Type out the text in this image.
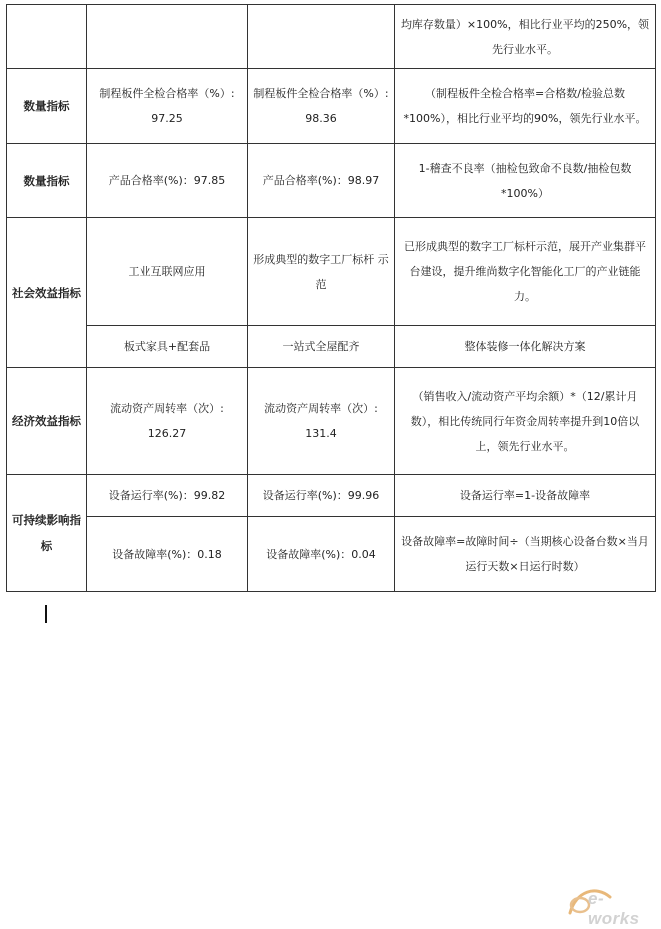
			均库存数量）×100%，相比行业平均的250%，领先行业水平。
数量指标	制程板件全检合格率（%）: 97.25	制程板件全检合格率（%）: 98.36	（制程板件全检合格率=合格数/检验总数*100%），相比行业平均的90%，领先行业水平。
数量指标	产品合格率(%)：97.85	产品合格率(%)：98.97	1-稽查不良率（抽检包致命不良数/抽检包数*100%）
社会效益指标	工业互联网应用	形成典型的数字工厂标杆 示范	已形成典型的数字工厂标杆示范，展开产业集群平台建设，提升维尚数字化智能化工厂的产业链能力。
	板式家具+配套品	一站式全屋配齐	整体装修一体化解决方案
经济效益指标	流动资产周转率（次）: 126.27	流动资产周转率（次）: 131.4	（销售收入/流动资产平均余额）*（12/累计月数），相比传统同行年资金周转率提升到10倍以上，领先行业水平。
可持续影响指标	设备运行率(%)：99.82	设备运行率(%)：99.96	设备运行率=1-设备故障率
	设备故障率(%)：0.18	设备故障率(%)：0.04	设备故障率=故障时间÷（当期核心设备台数×当月运行天数×日运行时数）
e-works
